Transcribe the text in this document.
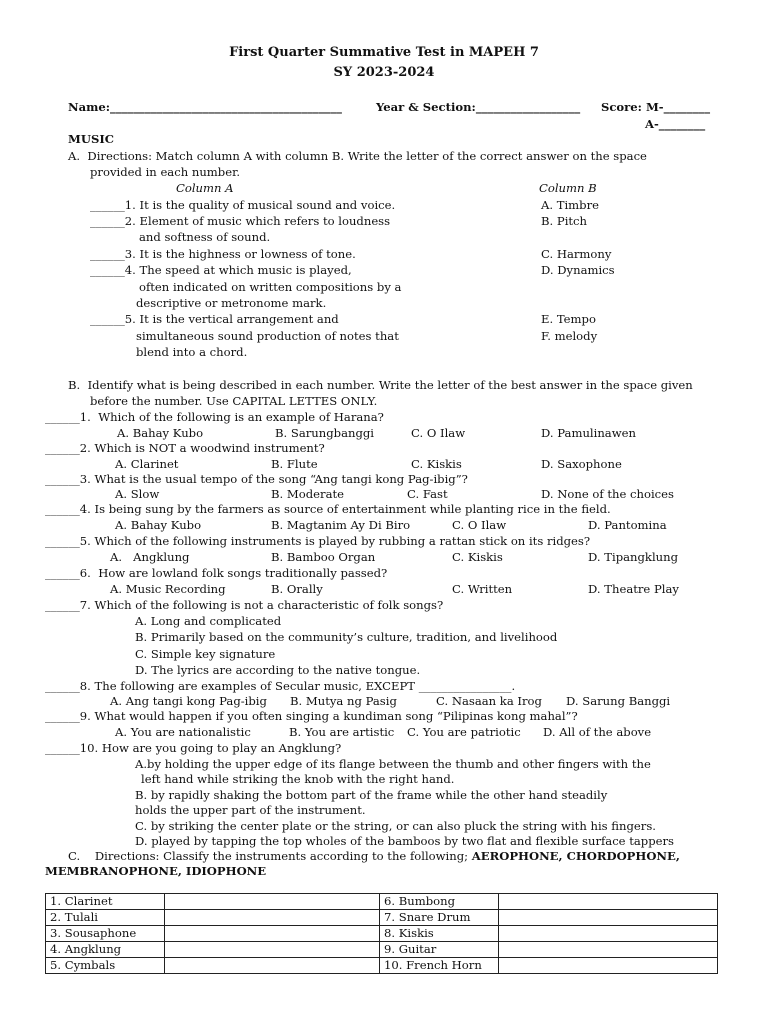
First Quarter Summative Test in MAPEH 7
SY 2023-2024
Name:________________________________________	Year & Section:__________________ Score: M-________
A-________
MUSIC
A.  Directions: Match column A with column B. Write the letter of the correct answer on the space
provided in each number.
Column A	Column B
______1. It is the quality of musical sound and voice.
______2. Element of music which refers to loudness
and softness of sound.
______3. It is the highness or lowness of tone.
______4. The speed at which music is played,
often indicated on written compositions by a
descriptive or metronome mark.
______5. It is the vertical arrangement and
simultaneous sound production of notes that
blend into a chord.
A. Timbre
B. Pitch
C. Harmony
D. Dynamics
E. Tempo
F. melody
B.  Identify what is being described in each number. Write the letter of the best answer in the space given
before the number. Use CAPITAL LETTES ONLY.
______1.  Which of the following is an example of Harana?
A. Bahay Kubo	B. Sarungbanggi	C. O Ilaw	D. Pamulinawen
______2. Which is NOT a woodwind instrument?
A. Clarinet	B. Flute	C. Kiskis	D. Saxophone
______3. What is the usual tempo of the song “Ang tangi kong Pag-ibig”?
A. Slow	B. Moderate	C. Fast	D. None of the choices
______4. Is being sung by the farmers as source of entertainment while planting rice in the field.
A. Bahay Kubo	B. Magtanim Ay Di Biro	C. O Ilaw	D. Pantomina
______5. Which of the following instruments is played by rubbing a rattan stick on its ridges?
A.   Angklung	B. Bamboo Organ	C. Kiskis	D. Tipangklung
______6.  How are lowland folk songs traditionally passed?
A. Music Recording	B. Orally	C. Written	D. Theatre Play
______7. Which of the following is not a characteristic of folk songs?
A. Long and complicated
B. Primarily based on the community’s culture, tradition, and livelihood
C. Simple key signature
D. The lyrics are according to the native tongue.
______8. The following are examples of Secular music, EXCEPT ________________.
A. Ang tangi kong Pag-ibig B. Mutya ng Pasig	C. Nasaan ka Irog D. Sarung Banggi
______9. What would happen if you often singing a kundiman song “Pilipinas kong mahal”?
A. You are nationalistic	B. You are artistic C. You are patriotic D. All of the above
______10. How are you going to play an Angklung?
A.by holding the upper edge of its flange between the thumb and other fingers with the
left hand while striking the knob with the right hand.
B. by rapidly shaking the bottom part of the frame while the other hand steadily
holds the upper part of the instrument.
C. by striking the center plate or the string, or can also pluck the string with his fingers.
D. played by tapping the top wholes of the bamboos by two flat and flexible surface tappers
C.    Directions: Classify the instruments according to the following; AEROPHONE, CHORDOPHONE,
MEMBRANOPHONE, IDIOPHONE
1. Clarinet		6. Bumbong	
2. Tulali		7. Snare Drum	
3. Sousaphone		8. Kiskis	
4. Angklung		9. Guitar	
5. Cymbals		10. French Horn	
